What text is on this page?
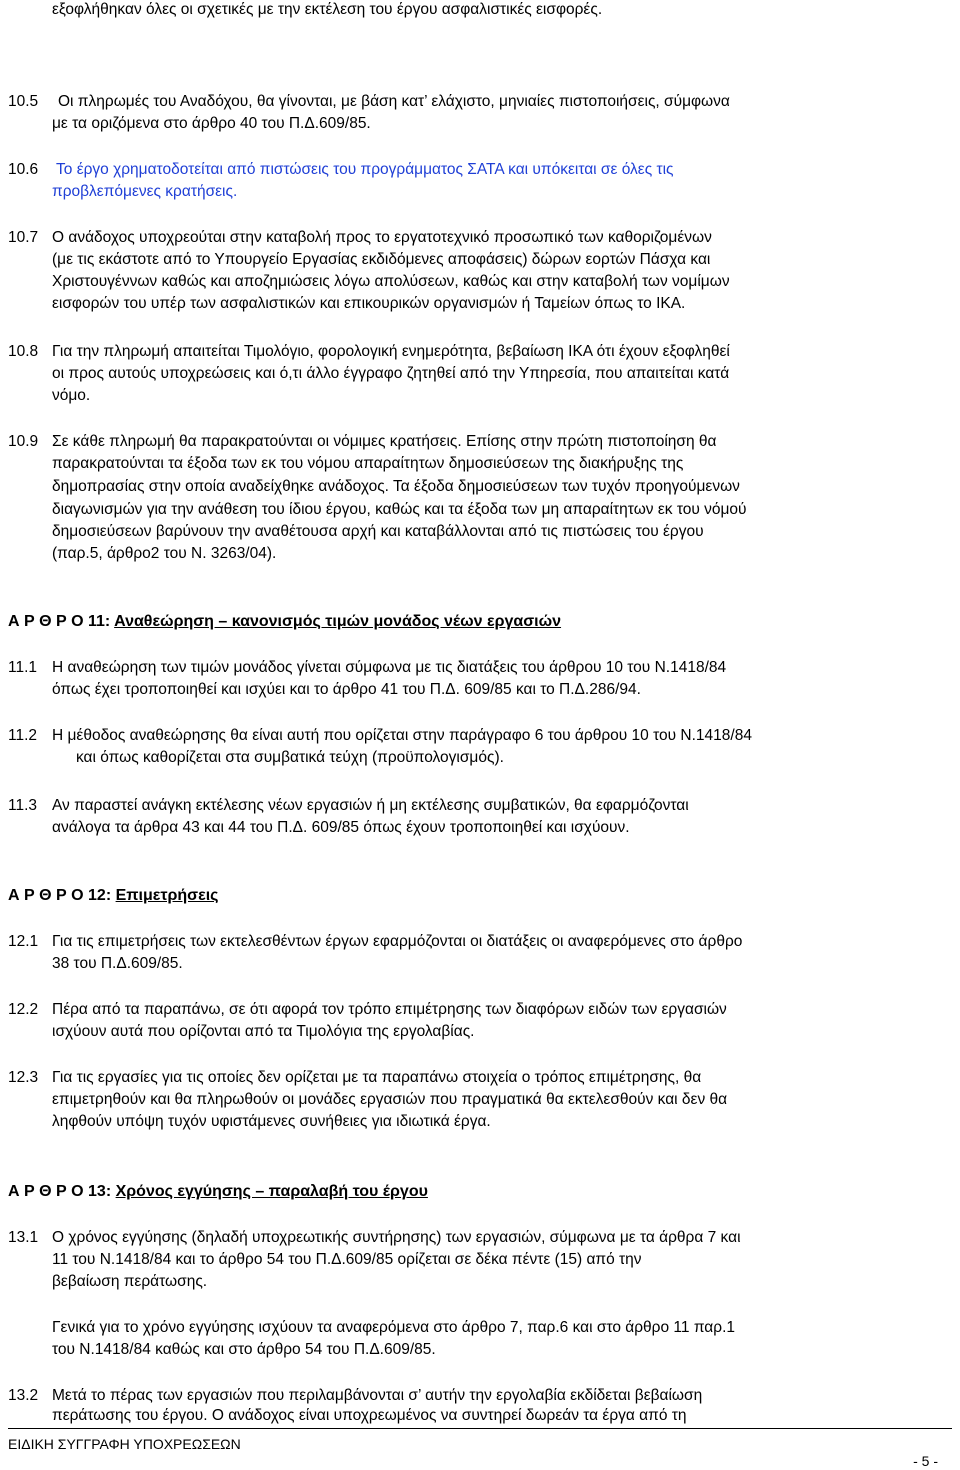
εξοφλήθηκαν όλες οι σχετικές με την εκτέλεση του έργου ασφαλιστικές εισφορές.
10.5 Οι πληρωμές του Αναδόχου, θα γίνονται, με βάση κατ’ ελάχιστο, μηνιαίες πιστοποιήσεις, σύμφωνα
με τα οριζόμενα στο άρθρο 40 του Π.Δ.609/85.
10.6 Το έργο χρηματοδοτείται από πιστώσεις του προγράμματος ΣΑΤΑ και υπόκειται σε όλες τις
προβλεπόμενες κρατήσεις.
10.7 Ο ανάδοχος υποχρεούται στην καταβολή προς το εργατοτεχνικό προσωπικό των καθοριζομένων
(με τις εκάστοτε από το Υπουργείο Εργασίας εκδιδόμενες αποφάσεις) δώρων εορτών Πάσχα και
Χριστουγέννων καθώς και αποζημιώσεις λόγω απολύσεων, καθώς και στην καταβολή των νομίμων
εισφορών του υπέρ των ασφαλιστικών και επικουρικών οργανισμών ή Ταμείων όπως το ΙΚΑ.
10.8 Για την πληρωμή απαιτείται Τιμολόγιο, φορολογική ενημερότητα, βεβαίωση ΙΚΑ ότι έχουν εξοφληθεί
οι προς αυτούς υποχρεώσεις και ό,τι άλλο έγγραφο ζητηθεί από την Υπηρεσία, που απαιτείται κατά
νόμο.
10.9 Σε κάθε πληρωμή θα παρακρατούνται οι νόμιμες κρατήσεις. Επίσης στην πρώτη πιστοποίηση θα
παρακρατούνται τα έξοδα των εκ του νόμου απαραίτητων δημοσιεύσεων της διακήρυξης της
δημοπρασίας στην οποία αναδείχθηκε ανάδοχος. Τα έξοδα δημοσιεύσεων των τυχόν προηγούμενων
διαγωνισμών για την ανάθεση του ίδιου έργου, καθώς και τα έξοδα των μη απαραίτητων εκ του νόμού
δημοσιεύσεων βαρύνουν την αναθέτουσα αρχή και καταβάλλονται από τις πιστώσεις του έργου
(παρ.5, άρθρο2 του Ν. 3263/04).
Α Ρ Θ Ρ Ο 11: Αναθεώρηση – κανονισμός τιμών μονάδος νέων εργασιών
11.1 Η αναθεώρηση των τιμών μονάδος γίνεται σύμφωνα με τις διατάξεις του άρθρου 10 του Ν.1418/84
όπως έχει τροποποιηθεί και ισχύει και το άρθρο 41 του Π.Δ. 609/85 και το Π.Δ.286/94.
11.2 Η μέθοδος αναθεώρησης θα είναι αυτή που ορίζεται στην παράγραφο 6 του άρθρου 10 του Ν.1418/84
και όπως καθορίζεται στα συμβατικά τεύχη (προϋπολογισμός).
11.3 Αν παραστεί ανάγκη εκτέλεσης νέων εργασιών ή μη εκτέλεσης συμβατικών, θα εφαρμόζονται
ανάλογα τα άρθρα 43 και 44 του Π.Δ. 609/85 όπως έχουν τροποποιηθεί και ισχύουν.
Α Ρ Θ Ρ Ο 12: Επιμετρήσεις
12.1 Για τις επιμετρήσεις των εκτελεσθέντων έργων εφαρμόζονται οι διατάξεις οι αναφερόμενες στο άρθρο
38 του Π.Δ.609/85.
12.2 Πέρα από τα παραπάνω, σε ότι αφορά τον τρόπο επιμέτρησης των διαφόρων ειδών των εργασιών
ισχύουν αυτά που ορίζονται από τα Τιμολόγια της εργολαβίας.
12.3 Για τις εργασίες για τις οποίες δεν ορίζεται με τα παραπάνω στοιχεία ο τρόπος επιμέτρησης, θα
επιμετρηθούν και θα πληρωθούν οι μονάδες εργασιών που πραγματικά θα εκτελεσθούν και δεν θα
ληφθούν υπόψη τυχόν υφιστάμενες συνήθειες για ιδιωτικά έργα.
Α Ρ Θ Ρ Ο 13: Χρόνος εγγύησης – παραλαβή του έργου
13.1 Ο χρόνος εγγύησης (δηλαδή υποχρεωτικής συντήρησης) των εργασιών, σύμφωνα με τα άρθρα 7 και
11 του Ν.1418/84 και το άρθρο 54 του Π.Δ.609/85 ορίζεται σε δέκα πέντε (15) από την
βεβαίωση περάτωσης.
Γενικά για το χρόνο εγγύησης ισχύουν τα αναφερόμενα στο άρθρο 7, παρ.6 και στο άρθρο 11 παρ.1
του Ν.1418/84 καθώς και στο άρθρο 54 του Π.Δ.609/85.
13.2 Μετά το πέρας των εργασιών που περιλαμβάνονται σ’ αυτήν την εργολαβία εκδίδεται βεβαίωση
περάτωσης του έργου. Ο ανάδοχος είναι υποχρεωμένος να συντηρεί δωρεάν τα έργα από τη
ΕΙΔΙΚΗ ΣΥΓΓΡΑΦΗ ΥΠΟΧΡΕΩΣΕΩΝ
- 5 -
